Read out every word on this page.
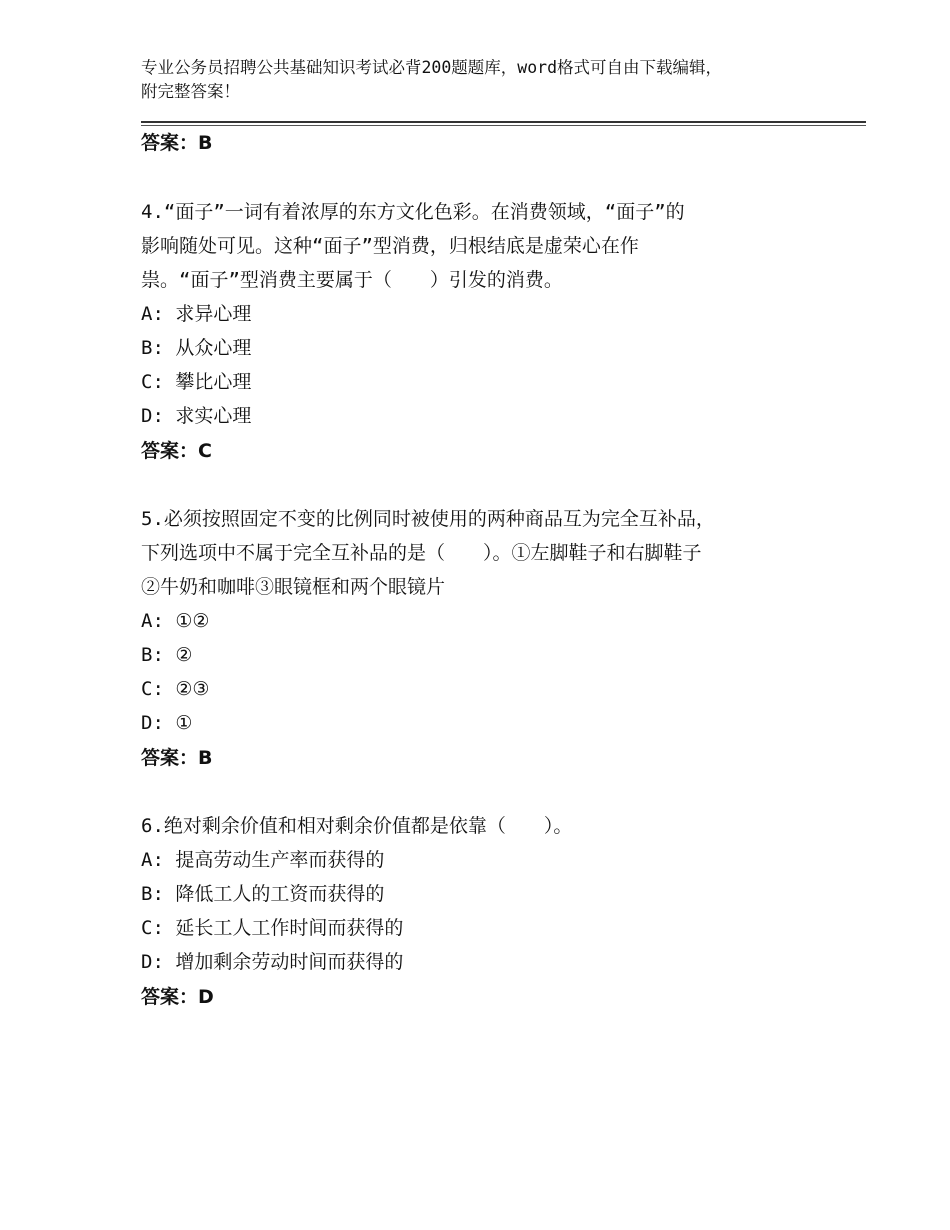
专业公务员招聘公共基础知识考试必背200题题库，word格式可自由下载编辑，
附完整答案！
答案：B
4.“面子”一词有着浓厚的东方文化色彩。在消费领域，“面子”的
影响随处可见。这种“面子”型消费，归根结底是虚荣心在作
祟。“面子”型消费主要属于（　　）引发的消费。
A: 求异心理
B: 从众心理
C: 攀比心理
D: 求实心理
答案：C
5.必须按照固定不变的比例同时被使用的两种商品互为完全互补品，
下列选项中不属于完全互补品的是（　　）。①左脚鞋子和右脚鞋子
②牛奶和咖啡③眼镜框和两个眼镜片
A: ①②
B: ②
C: ②③
D: ①
答案：B
6.绝对剩余价值和相对剩余价值都是依靠（　　）。
A: 提高劳动生产率而获得的
B: 降低工人的工资而获得的
C: 延长工人工作时间而获得的
D: 增加剩余劳动时间而获得的
答案：D
